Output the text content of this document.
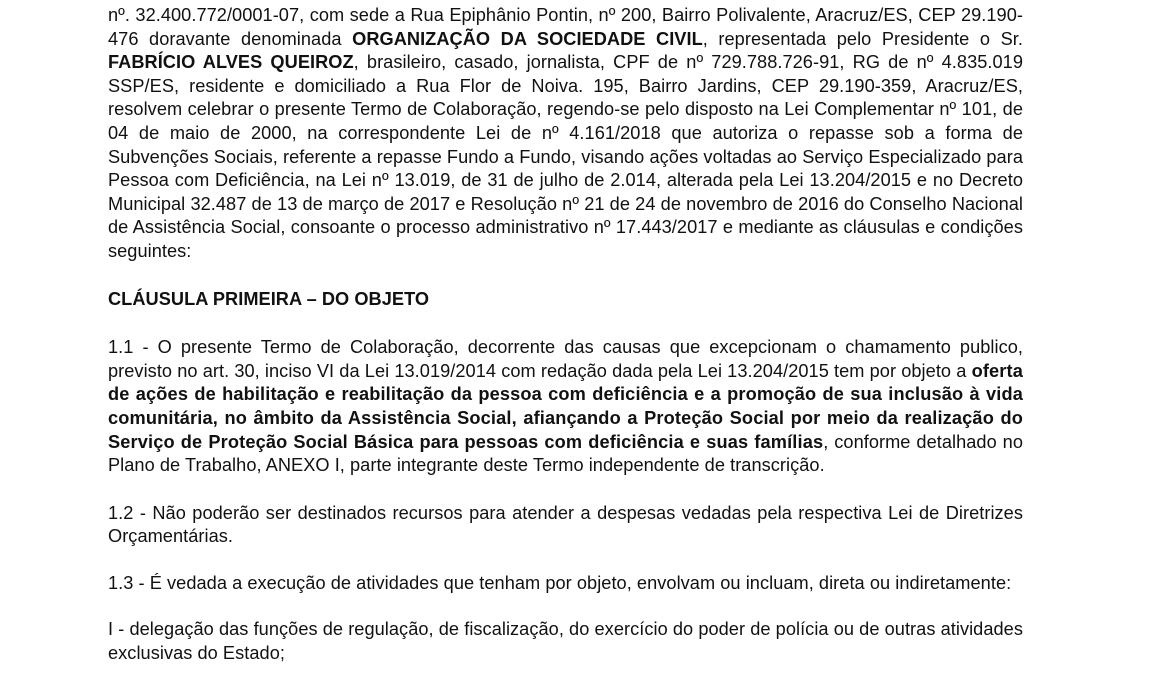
nº. 32.400.772/0001-07, com sede a Rua Epiphânio Pontin, nº 200, Bairro Polivalente, Aracruz/ES, CEP 29.190-476 doravante denominada ORGANIZAÇÃO DA SOCIEDADE CIVIL, representada pelo Presidente o Sr. FABRÍCIO ALVES QUEIROZ, brasileiro, casado, jornalista, CPF de nº 729.788.726-91, RG de nº 4.835.019 SSP/ES, residente e domiciliado a Rua Flor de Noiva. 195, Bairro Jardins, CEP 29.190-359, Aracruz/ES, resolvem celebrar o presente Termo de Colaboração, regendo-se pelo disposto na Lei Complementar nº 101, de 04 de maio de 2000, na correspondente Lei de nº 4.161/2018 que autoriza o repasse sob a forma de Subvenções Sociais, referente a repasse Fundo a Fundo, visando ações voltadas ao Serviço Especializado para Pessoa com Deficiência, na Lei nº 13.019, de 31 de julho de 2.014, alterada pela Lei 13.204/2015 e no Decreto Municipal 32.487 de 13 de março de 2017 e Resolução nº 21 de 24 de novembro de 2016 do Conselho Nacional de Assistência Social, consoante o processo administrativo nº 17.443/2017 e mediante as cláusulas e condições seguintes:

CLÁUSULA PRIMEIRA – DO OBJETO

1.1 - O presente Termo de Colaboração, decorrente das causas que excepcionam o chamamento publico, previsto no art. 30, inciso VI da Lei 13.019/2014 com redação dada pela Lei 13.204/2015 tem por objeto a oferta de ações de habilitação e reabilitação da pessoa com deficiência e a promoção de sua inclusão à vida comunitária, no âmbito da Assistência Social, afiançando a Proteção Social por meio da realização do Serviço de Proteção Social Básica para pessoas com deficiência e suas famílias, conforme detalhado no Plano de Trabalho, ANEXO I, parte integrante deste Termo independente de transcrição.

1.2 - Não poderão ser destinados recursos para atender a despesas vedadas pela respectiva Lei de Diretrizes Orçamentárias.

1.3 - É vedada a execução de atividades que tenham por objeto, envolvam ou incluam, direta ou indiretamente:

I - delegação das funções de regulação, de fiscalização, do exercício do poder de polícia ou de outras atividades exclusivas do Estado;
